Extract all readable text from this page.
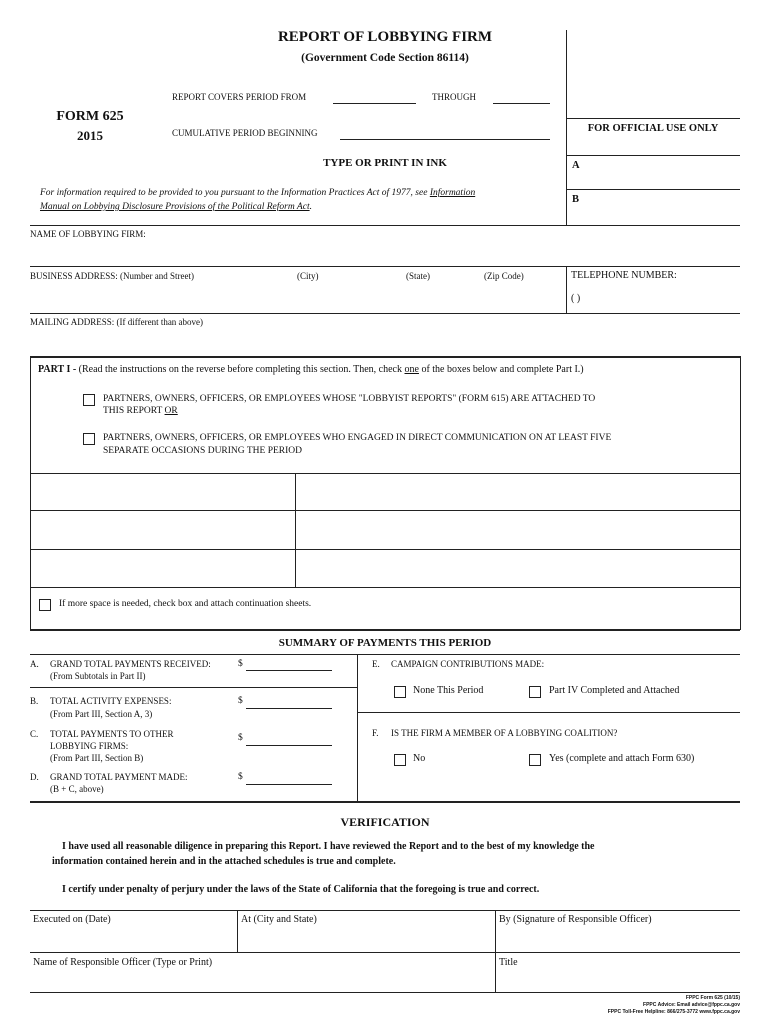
REPORT OF LOBBYING FIRM
(Government Code Section 86114)
REPORT COVERS PERIOD FROM	THROUGH
FORM 625
2015	CUMULATIVE PERIOD BEGINNING
TYPE OR PRINT IN INK
For information required to be provided to you pursuant to the Information Practices Act of 1977, see Information
Manual on Lobbying Disclosure Provisions of the Political Reform Act.
FOR OFFICIAL USE ONLY
A
B
NAME OF LOBBYING FIRM:
BUSINESS ADDRESS: (Number and Street)	(City)	(State)	(Zip Code)	TELEPHONE NUMBER:
( )
MAILING ADDRESS: (If different than above)
PART I - (Read the instructions on the reverse before completing this section. Then, check one of the boxes below and complete Part I.)
PARTNERS, OWNERS, OFFICERS, OR EMPLOYEES WHOSE "LOBBYIST REPORTS" (FORM 615) ARE ATTACHED TO
THIS REPORT OR
PARTNERS, OWNERS, OFFICERS, OR EMPLOYEES WHO ENGAGED IN DIRECT COMMUNICATION ON AT LEAST FIVE
SEPARATE OCCASIONS DURING THE PERIOD
If more space is needed, check box and attach continuation sheets.
SUMMARY OF PAYMENTS THIS PERIOD
A. GRAND TOTAL PAYMENTS RECEIVED:
(From Subtotals in Part II)
$
B. TOTAL ACTIVITY EXPENSES:
(From Part III, Section A, 3)
$
C. TOTAL PAYMENTS TO OTHER
LOBBYING FIRMS:
(From Part III, Section B)
$
D. GRAND TOTAL PAYMENT MADE:
(B + C, above)
$
E. CAMPAIGN CONTRIBUTIONS MADE:
None This Period	Part IV Completed and Attached
F. IS THE FIRM A MEMBER OF A LOBBYING COALITION?
No	Yes (complete and attach Form 630)
VERIFICATION
I have used all reasonable diligence in preparing this Report. I have reviewed the Report and to the best of my knowledge the
information contained herein and in the attached schedules is true and complete.
I certify under penalty of perjury under the laws of the State of California that the foregoing is true and correct.
Executed on (Date)	At (City and State)	By (Signature of Responsible Officer)
Name of Responsible Officer (Type or Print)	Title
FPPC Form 625 (10/15)
FPPC Advice: Email advice@fppc.ca.gov
FPPC Toll-Free Helpline: 866/275-3772 www.fppc.ca.gov
